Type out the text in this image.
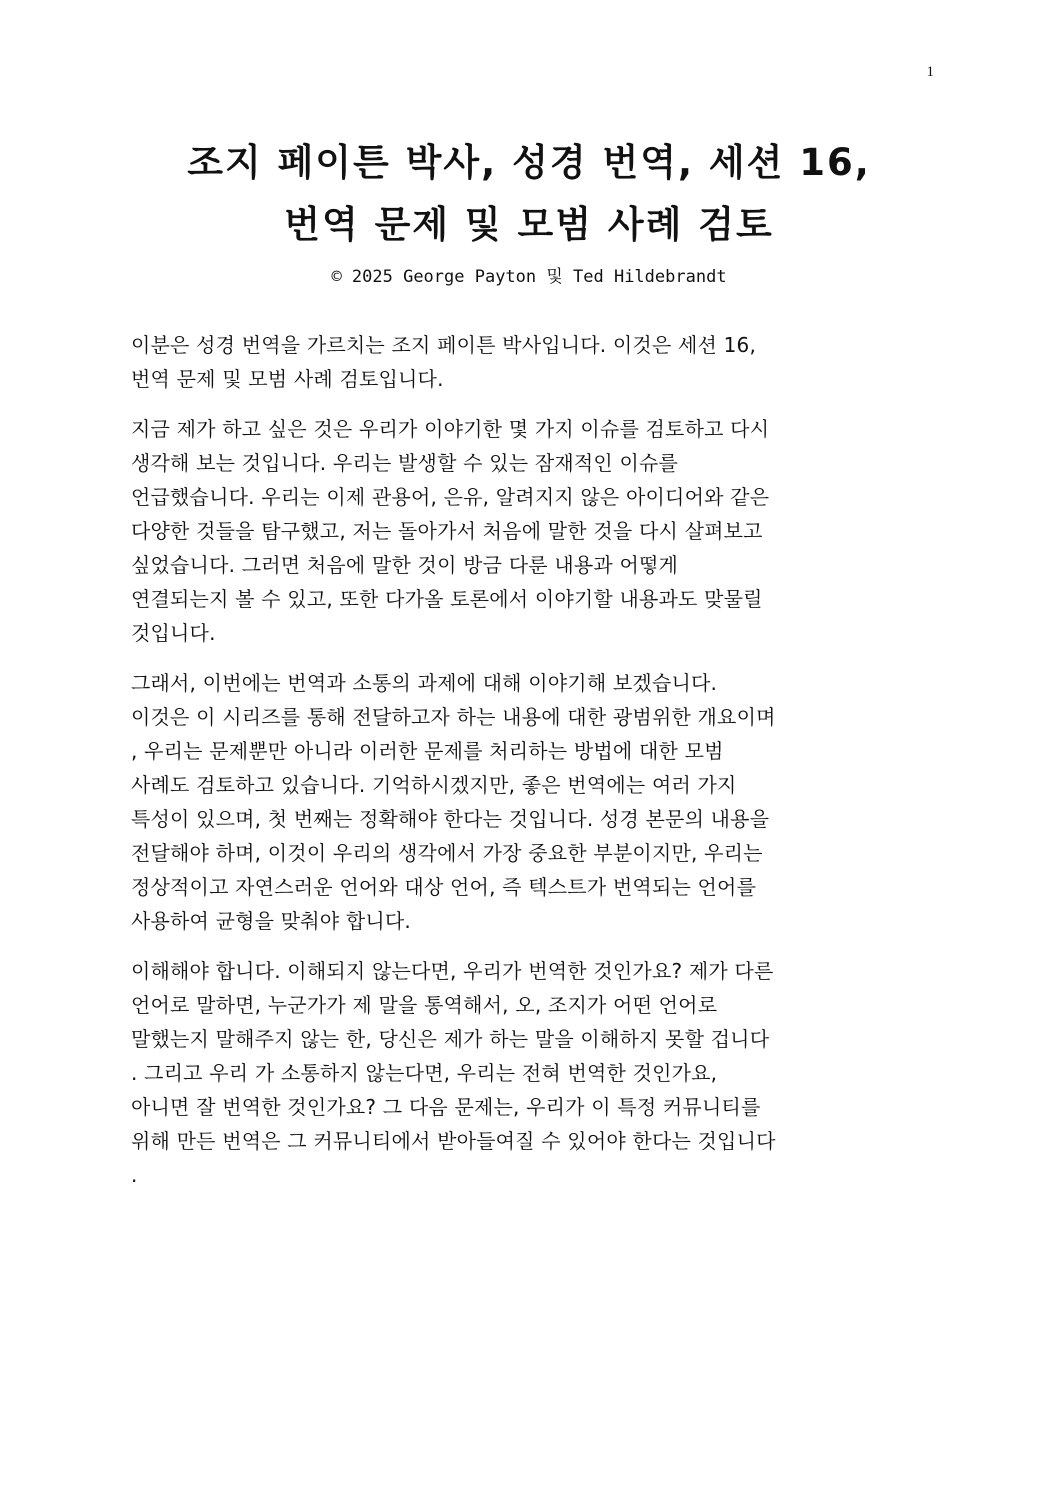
1
조지 페이튼 박사, 성경 번역, 세션 16,
번역 문제 및 모범 사례 검토
© 2025 George Payton 및 Ted Hildebrandt
이분은 성경 번역을 가르치는 조지 페이튼 박사입니다. 이것은 세션 16,
번역 문제 및 모범 사례 검토입니다.
지금 제가 하고 싶은 것은 우리가 이야기한 몇 가지 이슈를 검토하고 다시
생각해 보는 것입니다. 우리는 발생할 수 있는 잠재적인 이슈를
언급했습니다. 우리는 이제 관용어, 은유, 알려지지 않은 아이디어와 같은
다양한 것들을 탐구했고, 저는 돌아가서 처음에 말한 것을 다시 살펴보고
싶었습니다. 그러면 처음에 말한 것이 방금 다룬 내용과 어떻게
연결되는지 볼 수 있고, 또한 다가올 토론에서 이야기할 내용과도 맞물릴
것입니다.
그래서, 이번에는 번역과 소통의 과제에 대해 이야기해 보겠습니다.
이것은 이 시리즈를 통해 전달하고자 하는 내용에 대한 광범위한 개요이며
, 우리는 문제뿐만 아니라 이러한 문제를 처리하는 방법에 대한 모범
사례도 검토하고 있습니다. 기억하시겠지만, 좋은 번역에는 여러 가지
특성이 있으며, 첫 번째는 정확해야 한다는 것입니다. 성경 본문의 내용을
전달해야 하며, 이것이 우리의 생각에서 가장 중요한 부분이지만, 우리는
정상적이고 자연스러운 언어와 대상 언어, 즉 텍스트가 번역되는 언어를
사용하여 균형을 맞춰야 합니다.
이해해야 합니다. 이해되지 않는다면, 우리가 번역한 것인가요? 제가 다른
언어로 말하면, 누군가가 제 말을 통역해서, 오, 조지가 어떤 언어로
말했는지 말해주지 않는 한, 당신은 제가 하는 말을 이해하지 못할 겁니다
. 그리고 우리 가 소통하지 않는다면, 우리는 전혀 번역한 것인가요,
아니면 잘 번역한 것인가요? 그 다음 문제는, 우리가 이 특정 커뮤니티를
위해 만든 번역은 그 커뮤니티에서 받아들여질 수 있어야 한다는 것입니다
.
